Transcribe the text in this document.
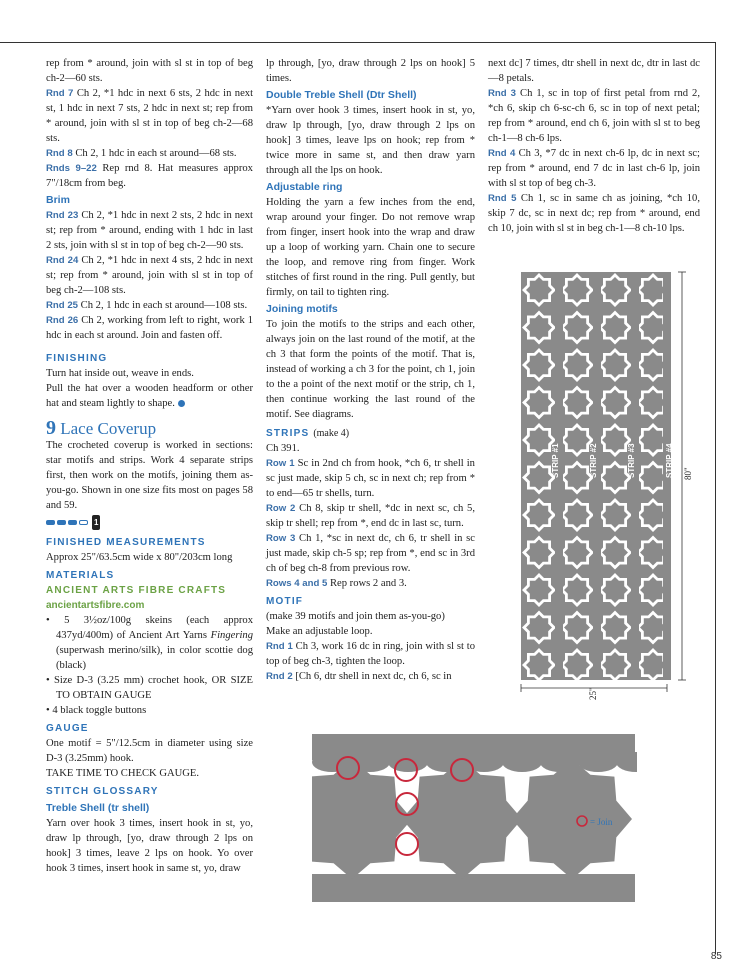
rep from * around, join with sl st in top of beg ch-2—60 sts.

Rnd 7 Ch 2, *1 hdc in next 6 sts, 2 hdc in next st, 1 hdc in next 7 sts, 2 hdc in next st; rep from * around, join with sl st in top of beg ch-2—68 sts.

Rnd 8 Ch 2, 1 hdc in each st around—68 sts.

Rnds 9–22 Rep rnd 8. Hat measures approx 7"/18cm from beg.

Brim

Rnd 23 Ch 2, *1 hdc in next 2 sts, 2 hdc in next st; rep from * around, ending with 1 hdc in last 2 sts, join with sl st in top of beg ch-2—90 sts.

Rnd 24 Ch 2, *1 hdc in next 4 sts, 2 hdc in next st; rep from * around, join with sl st in top of beg ch-2—108 sts.

Rnd 25 Ch 2, 1 hdc in each st around—108 sts.

Rnd 26 Ch 2, working from left to right, work 1 hdc in each st around. Join and fasten off.

FINISHING

Turn hat inside out, weave in ends.

Pull the hat over a wooden headform or other hat and steam lightly to shape.

9 Lace Coverup

The crocheted coverup is worked in sections: star motifs and strips. Work 4 separate strips first, then work on the motifs, joining them as-you-go. Shown in one size fits most on pages 58 and 59.

1
FINISHED MEASUREMENTS

Approx 25"/63.5cm wide x 80"/203cm long

MATERIALS
ANCIENT ARTS FIBRE CRAFTS
ancientartsfibre.com

• 5 3½oz/100g skeins (each approx 437yd/400m) of Ancient Art Yarns Fingering (superwash merino/silk), in color scottie dog (black)

• Size D-3 (3.25 mm) crochet hook, OR SIZE TO OBTAIN GAUGE

• 4 black toggle buttons

GAUGE

One motif = 5"/12.5cm in diameter using size D-3 (3.25mm) hook.

TAKE TIME TO CHECK GAUGE.

STITCH GLOSSARY
Treble Shell (tr shell)

Yarn over hook 3 times, insert hook in st, yo, draw lp through, [yo, draw through 2 lps on hook] 3 times, leave 2 lps on hook. Yo over hook 3 times, insert hook in same st, yo, draw

lp through, [yo, draw through 2 lps on hook] 5 times.

Double Treble Shell (Dtr Shell)

*Yarn over hook 3 times, insert hook in st, yo, draw lp through, [yo, draw through 2 lps on hook] 3 times, leave lps on hook; rep from * twice more in same st, and then draw yarn through all the lps on hook.

Adjustable ring

Holding the yarn a few inches from the end, wrap around your finger. Do not remove wrap from finger, insert hook into the wrap and draw up a loop of working yarn. Chain one to secure the loop, and remove ring from finger. Work stitches of first round in the ring. Pull gently, but firmly, on tail to tighten ring.

Joining motifs

To join the motifs to the strips and each other, always join on the last round of the motif, at the ch 3 that form the points of the motif. That is, instead of working a ch 3 for the point, ch 1, join to the a point of the next motif or the strip, ch 1, then continue working the last round of the motif. See diagrams.

STRIPS (make 4)

Ch 391.

Row 1 Sc in 2nd ch from hook, *ch 6, tr shell in sc just made, skip 5 ch, sc in next ch; rep from * to end—65 tr shells, turn.

Row 2 Ch 8, skip tr shell, *dc in next sc, ch 5, skip tr shell; rep from *, end dc in last sc, turn.

Row 3 Ch 1, *sc in next dc, ch 6, tr shell in sc just made, skip ch-5 sp; rep from *, end sc in 3rd ch of beg ch-8 from previous row.

Rows 4 and 5 Rep rows 2 and 3.

MOTIF

(make 39 motifs and join them as-you-go)

Make an adjustable loop.

Rnd 1 Ch 3, work 16 dc in ring, join with sl st to top of beg ch-3, tighten the loop.

Rnd 2 [Ch 6, dtr shell in next dc, ch 6, sc in

next dc] 7 times, dtr shell in next dc, dtr in last dc—8 petals.

Rnd 3 Ch 1, sc in top of first petal from rnd 2, *ch 6, skip ch 6-sc-ch 6, sc in top of next petal; rep from * around, end ch 6, join with sl st to beg ch-1—8 ch-6 lps.

Rnd 4 Ch 3, *7 dc in next ch-6 lp, dc in next sc; rep from * around, end 7 dc in last ch-6 lp, join with sl st top of beg ch-3.

Rnd 5 Ch 1, sc in same ch as joining, *ch 10, skip 7 dc, sc in next dc; rep from * around, end ch 10, join with sl st in beg ch-1—8 ch-10 lps.

STRIP #1	STRIP #2	STRIP #3	STRIP #4 80"
25"
= Join
85
